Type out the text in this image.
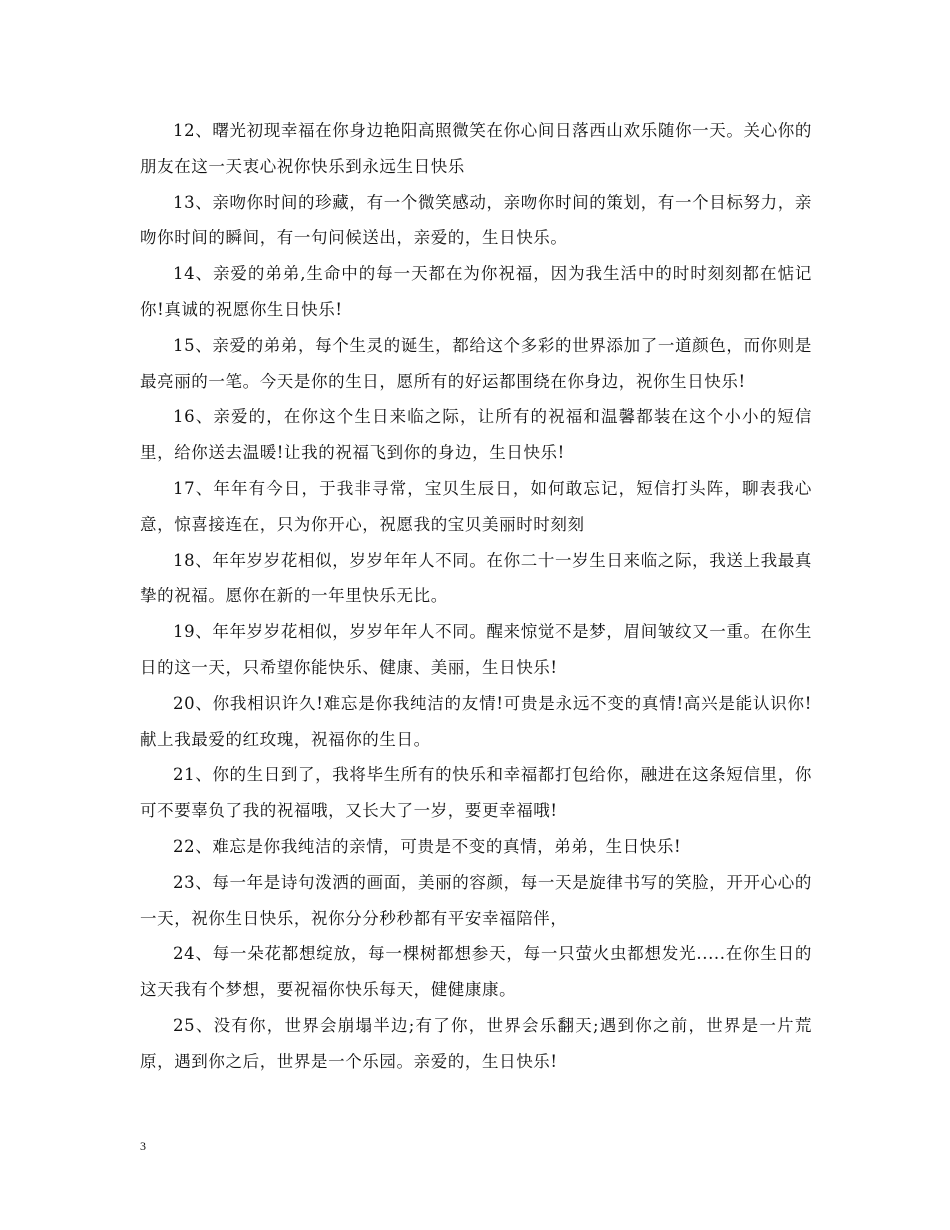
12、曙光初现幸福在你身边艳阳高照微笑在你心间日落西山欢乐随你一天。关心你的朋友在这一天衷心祝你快乐到永远生日快乐

13、亲吻你时间的珍藏，有一个微笑感动，亲吻你时间的策划，有一个目标努力，亲吻你时间的瞬间，有一句问候送出，亲爱的，生日快乐。

14、亲爱的弟弟,生命中的每一天都在为你祝福，因为我生活中的时时刻刻都在惦记你!真诚的祝愿你生日快乐!

15、亲爱的弟弟，每个生灵的诞生，都给这个多彩的世界添加了一道颜色，而你则是最亮丽的一笔。今天是你的生日，愿所有的好运都围绕在你身边，祝你生日快乐!

16、亲爱的，在你这个生日来临之际，让所有的祝福和温馨都装在这个小小的短信里，给你送去温暖!让我的祝福飞到你的身边，生日快乐!

17、年年有今日，于我非寻常，宝贝生辰日，如何敢忘记，短信打头阵，聊表我心意，惊喜接连在，只为你开心，祝愿我的宝贝美丽时时刻刻

18、年年岁岁花相似，岁岁年年人不同。在你二十一岁生日来临之际，我送上我最真挚的祝福。愿你在新的一年里快乐无比。

19、年年岁岁花相似，岁岁年年人不同。醒来惊觉不是梦，眉间皱纹又一重。在你生日的这一天，只希望你能快乐、健康、美丽，生日快乐!

20、你我相识许久!难忘是你我纯洁的友情!可贵是永远不变的真情!高兴是能认识你!献上我最爱的红玫瑰，祝福你的生日。

21、你的生日到了，我将毕生所有的快乐和幸福都打包给你，融进在这条短信里，你可不要辜负了我的祝福哦，又长大了一岁，要更幸福哦!

22、难忘是你我纯洁的亲情，可贵是不变的真情，弟弟，生日快乐!

23、每一年是诗句泼洒的画面，美丽的容颜，每一天是旋律书写的笑脸，开开心心的一天，祝你生日快乐，祝你分分秒秒都有平安幸福陪伴，

24、每一朵花都想绽放，每一棵树都想参天，每一只萤火虫都想发光.....在你生日的这天我有个梦想，要祝福你快乐每天，健健康康。

25、没有你，世界会崩塌半边;有了你，世界会乐翻天;遇到你之前，世界是一片荒原，遇到你之后，世界是一个乐园。亲爱的，生日快乐!

3
